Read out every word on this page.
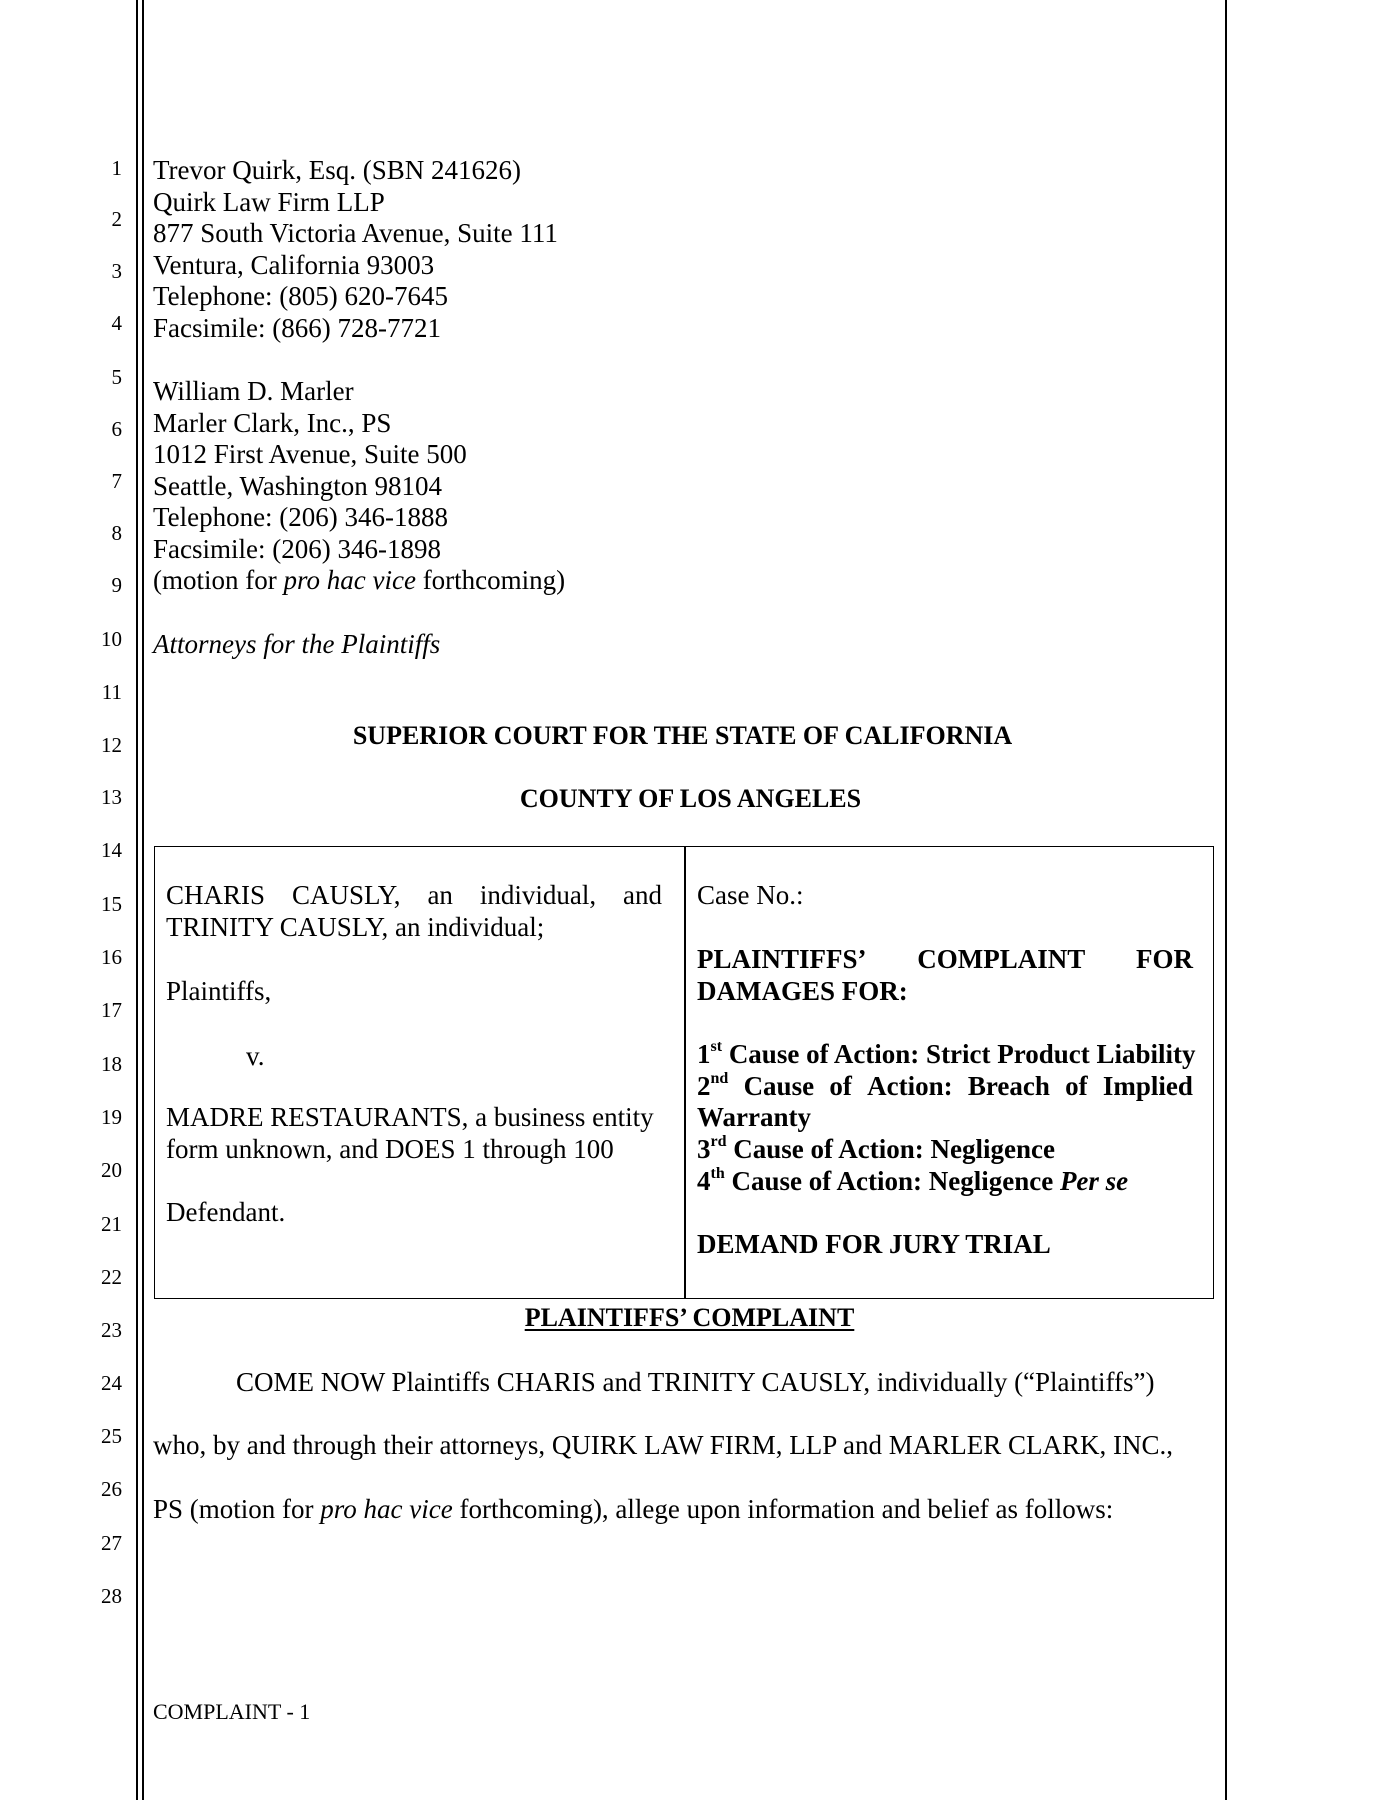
1
2
3
4
5
6
7
8
9
10
11
12
13
14
15
16
17
18
19
20
21
22
23
24
25
26
27
28
Trevor Quirk, Esq. (SBN 241626)
Quirk Law Firm LLP
877 South Victoria Avenue, Suite 111
Ventura, California 93003
Telephone: (805) 620-7645
Facsimile: (866) 728-7721
William D. Marler
Marler Clark, Inc., PS
1012 First Avenue, Suite 500
Seattle, Washington 98104
Telephone: (206) 346-1888
Facsimile: (206) 346-1898
(motion for pro hac vice forthcoming)
Attorneys for the Plaintiffs
SUPERIOR COURT FOR THE STATE OF CALIFORNIA
COUNTY OF LOS ANGELES
CHARIS CAUSLY, an individual, and
TRINITY CAUSLY, an individual;
Plaintiffs,
v.
MADRE RESTAURANTS, a business entity
form unknown, and DOES 1 through 100
Defendant.
Case No.:
PLAINTIFFS’ COMPLAINT FOR
DAMAGES FOR:
1st Cause of Action: Strict Product Liability
2nd Cause of Action: Breach of Implied
Warranty
3rd Cause of Action: Negligence
4th Cause of Action: Negligence Per se
DEMAND FOR JURY TRIAL
PLAINTIFFS’ COMPLAINT
COME NOW Plaintiffs CHARIS and TRINITY CAUSLY, individually (“Plaintiffs”)
who, by and through their attorneys, QUIRK LAW FIRM, LLP and MARLER CLARK, INC.,
PS (motion for pro hac vice forthcoming), allege upon information and belief as follows:
COMPLAINT - 1
